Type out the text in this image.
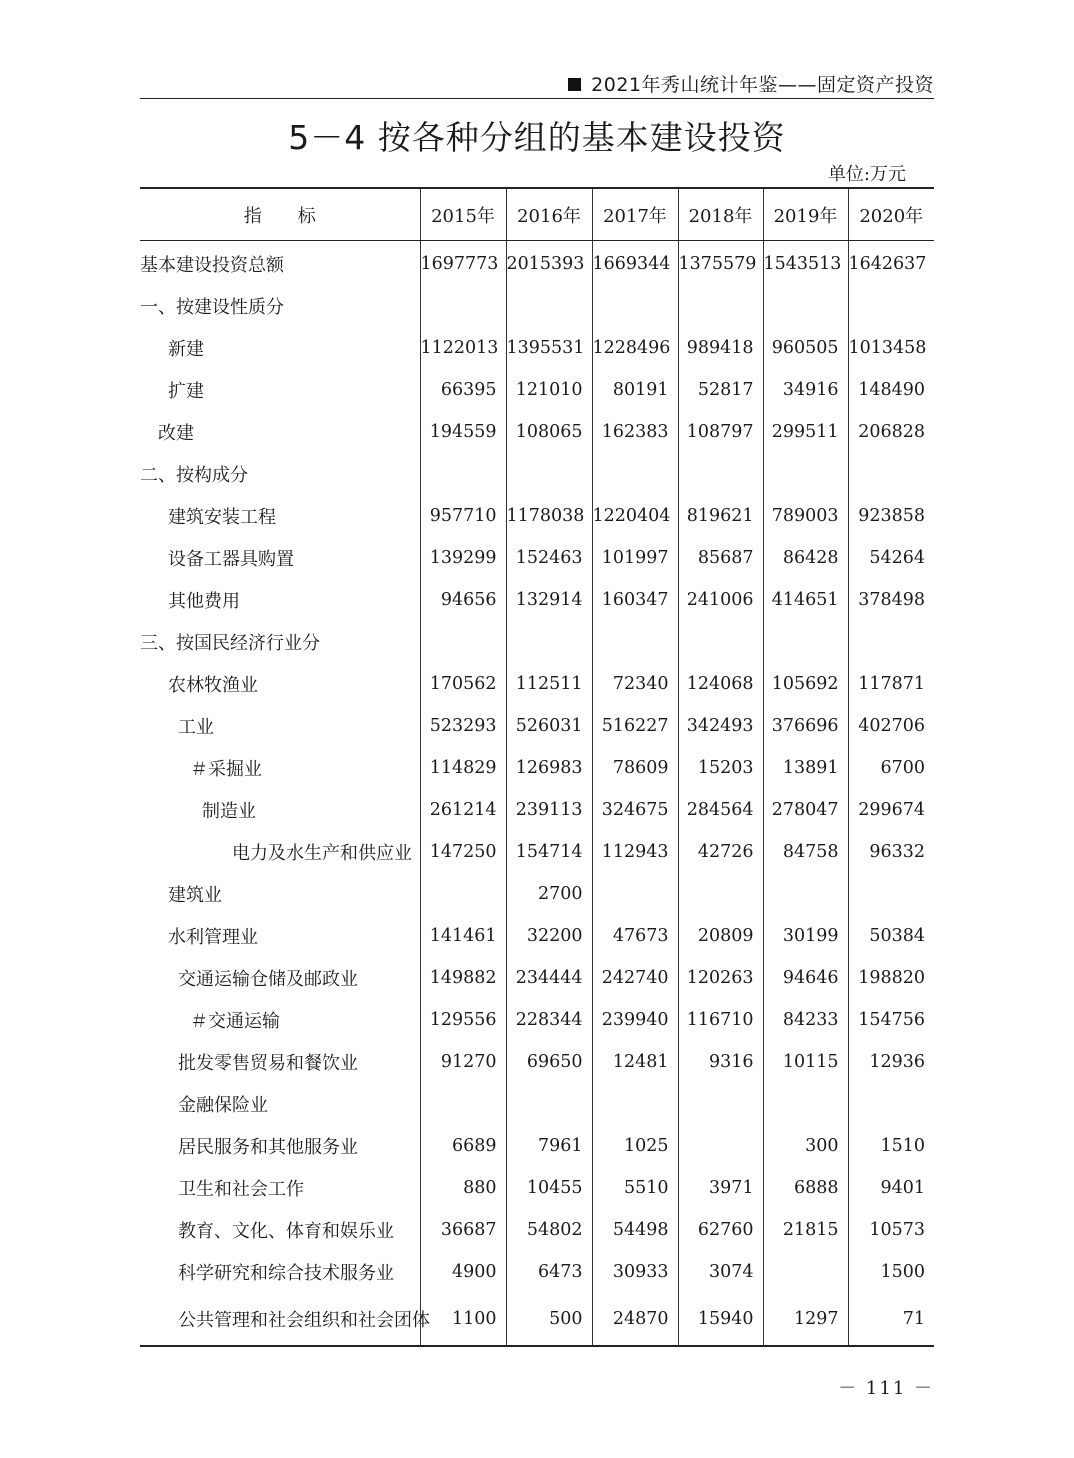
2021年秀山统计年鉴——固定资产投资
5－4 按各种分组的基本建设投资
单位:万元
指　　标	2015年	2016年	2017年	2018年	2019年	2020年
基本建设投资总额	1697773	2015393	1669344	1375579	1543513	1642637
一、按建设性质分						
新建	1122013	1395531	1228496	989418	960505	1013458
扩建	66395	121010	80191	52817	34916	148490
改建	194559	108065	162383	108797	299511	206828
二、按构成分						
建筑安装工程	957710	1178038	1220404	819621	789003	923858
设备工器具购置	139299	152463	101997	85687	86428	54264
其他费用	94656	132914	160347	241006	414651	378498
三、按国民经济行业分						
农林牧渔业	170562	112511	72340	124068	105692	117871
工业	523293	526031	516227	342493	376696	402706
＃采掘业	114829	126983	78609	15203	13891	6700
制造业	261214	239113	324675	284564	278047	299674
电力及水生产和供应业	147250	154714	112943	42726	84758	96332
建筑业		2700				
水利管理业	141461	32200	47673	20809	30199	50384
交通运输仓储及邮政业	149882	234444	242740	120263	94646	198820
＃交通运输	129556	228344	239940	116710	84233	154756
批发零售贸易和餐饮业	91270	69650	12481	9316	10115	12936
金融保险业						
居民服务和其他服务业	6689	7961	1025		300	1510
卫生和社会工作	880	10455	5510	3971	6888	9401
教育、文化、体育和娱乐业	36687	54802	54498	62760	21815	10573
科学研究和综合技术服务业	4900	6473	30933	3074		1500
公共管理和社会组织和社会团体	1100	500	24870	15940	1297	71
－ 111 －
